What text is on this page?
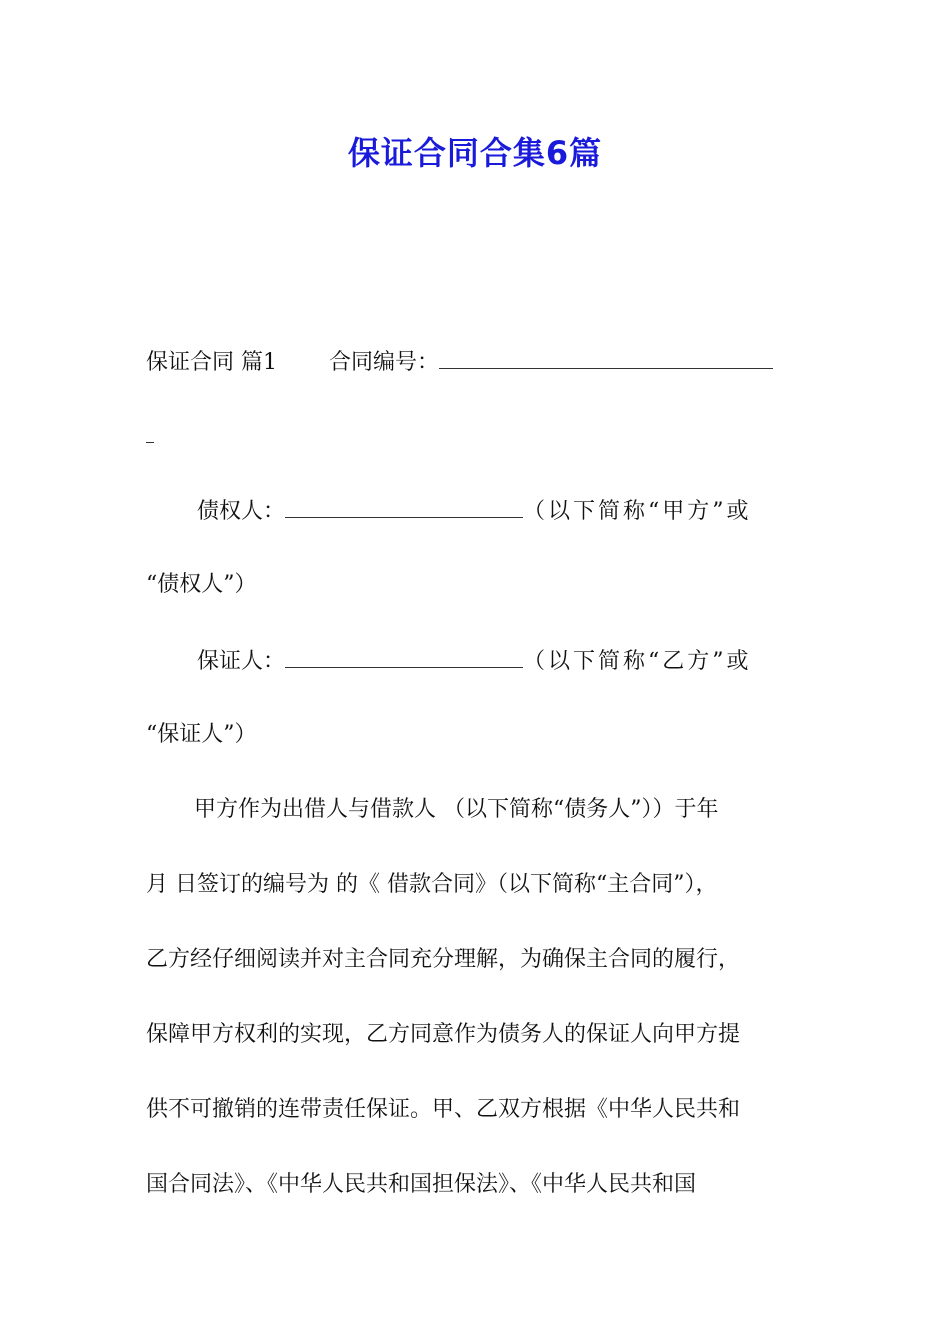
保证合同合集6篇
保证合同 篇1 合同编号：
债权人：	（以下简称“甲方”或
“债权人”）
保证人：	（以下简称“乙方”或
“保证人”）
甲方作为出借人与借款人 （以下简称“债务人”））于年
月 日签订的编号为 的《 借款合同》（以下简称“主合同”），
乙方经仔细阅读并对主合同充分理解，为确保主合同的履行，
保障甲方权利的实现，乙方同意作为债务人的保证人向甲方提
供不可撤销的连带责任保证。甲、乙双方根据《中华人民共和
国合同法》、《中华人民共和国担保法》、《中华人民共和国
